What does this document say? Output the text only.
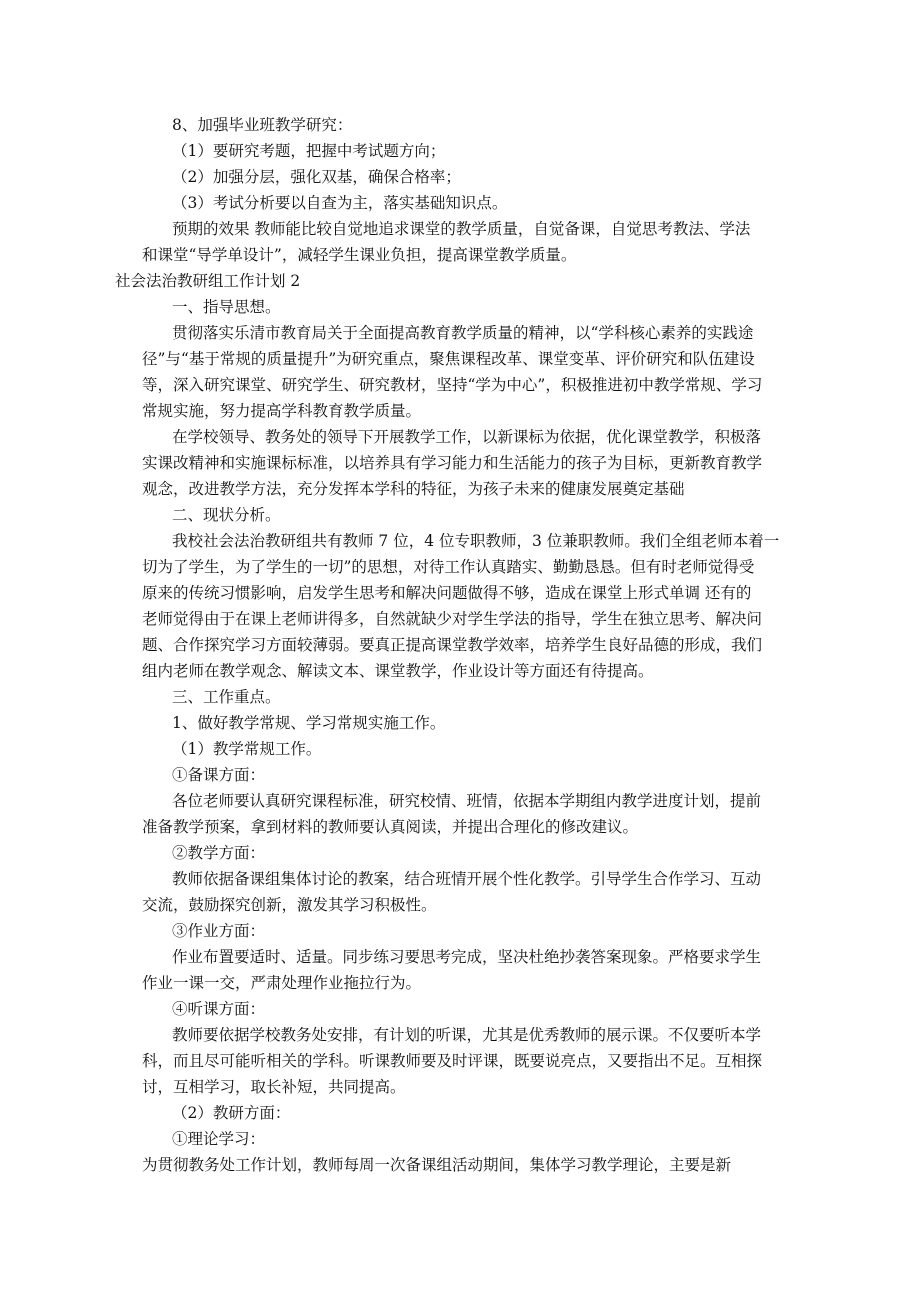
8、加强毕业班教学研究：
（1）要研究考题，把握中考试题方向；
（2）加强分层，强化双基，确保合格率；
（3）考试分析要以自查为主，落实基础知识点。
预期的效果 教师能比较自觉地追求课堂的教学质量，自觉备课，自觉思考教法、学法
和课堂“导学单设计”，减轻学生课业负担，提高课堂教学质量。
社会法治教研组工作计划 2
一、指导思想。
贯彻落实乐清市教育局关于全面提高教育教学质量的精神，以“学科核心素养的实践途
径”与“基于常规的质量提升”为研究重点，聚焦课程改革、课堂变革、评价研究和队伍建设
等，深入研究课堂、研究学生、研究教材，坚持“学为中心”，积极推进初中教学常规、学习
常规实施，努力提高学科教育教学质量。
在学校领导、教务处的领导下开展教学工作，以新课标为依据，优化课堂教学，积极落
实课改精神和实施课标标准，以培养具有学习能力和生活能力的孩子为目标，更新教育教学
观念，改进教学方法，充分发挥本学科的特征，为孩子未来的健康发展奠定基础
二、现状分析。
我校社会法治教研组共有教师 7 位，4 位专职教师，3 位兼职教师。我们全组老师本着一
切为了学生，为了学生的一切”的思想，对待工作认真踏实、勤勤恳恳。但有时老师觉得受
原来的传统习惯影响，启发学生思考和解决问题做得不够，造成在课堂上形式单调 还有的
老师觉得由于在课上老师讲得多，自然就缺少对学生学法的指导，学生在独立思考、解决问
题、合作探究学习方面较薄弱。要真正提高课堂教学效率，培养学生良好品德的形成，我们
组内老师在教学观念、解读文本、课堂教学，作业设计等方面还有待提高。
三、工作重点。
1、做好教学常规、学习常规实施工作。
（1）教学常规工作。
①备课方面：
各位老师要认真研究课程标准，研究校情、班情，依据本学期组内教学进度计划，提前
准备教学预案，拿到材料的教师要认真阅读，并提出合理化的修改建议。
②教学方面：
教师依据备课组集体讨论的教案，结合班情开展个性化教学。引导学生合作学习、互动
交流，鼓励探究创新，激发其学习积极性。
③作业方面：
作业布置要适时、适量。同步练习要思考完成，坚决杜绝抄袭答案现象。严格要求学生
作业一课一交，严肃处理作业拖拉行为。
④听课方面：
教师要依据学校教务处安排，有计划的听课，尤其是优秀教师的展示课。不仅要听本学
科，而且尽可能听相关的学科。听课教师要及时评课，既要说亮点，又要指出不足。互相探
讨，互相学习，取长补短，共同提高。
（2）教研方面：
①理论学习：
为贯彻教务处工作计划，教师每周一次备课组活动期间，集体学习教学理论，主要是新
